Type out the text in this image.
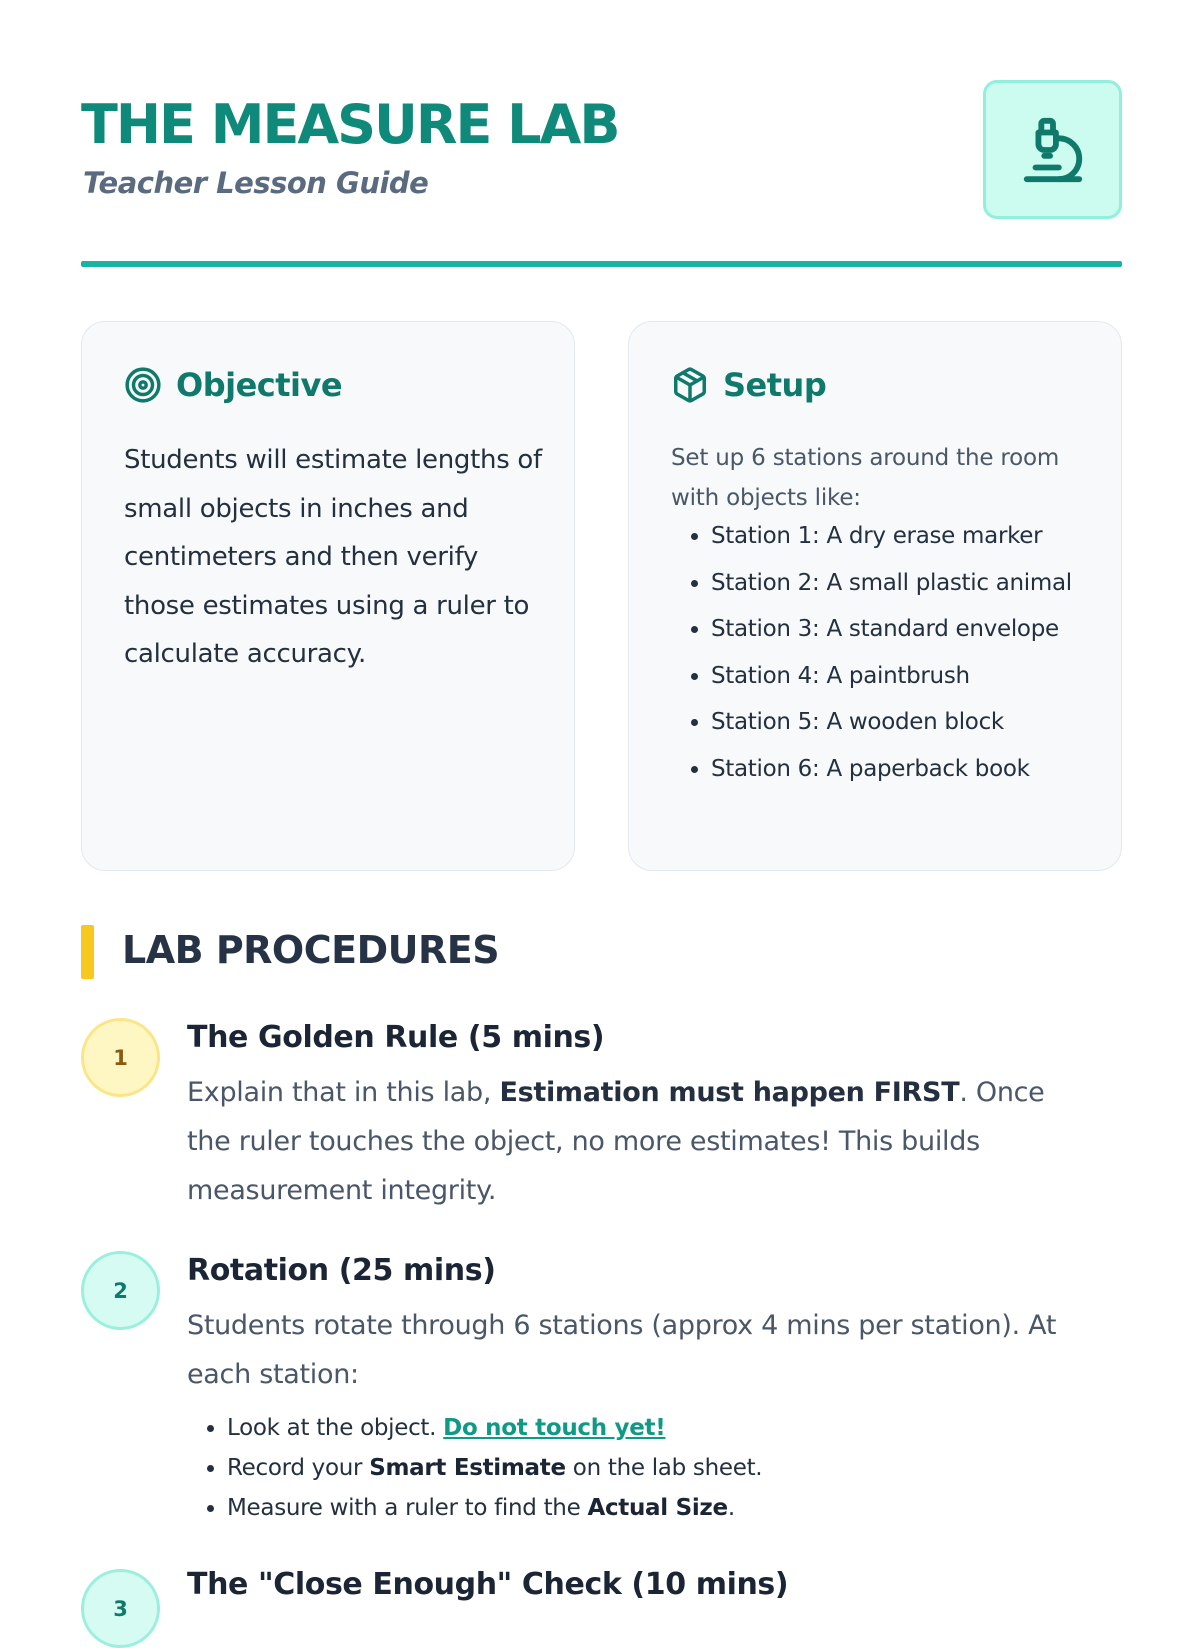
THE MEASURE LAB
Teacher Lesson Guide
Objective

Students will estimate lengths of small objects in inches and centimeters and then verify those estimates using a ruler to calculate accuracy.

Setup

Set up 6 stations around the room with objects like:

• Station 1: A dry erase marker
• Station 2: A small plastic animal
• Station 3: A standard envelope
• Station 4: A paintbrush
• Station 5: A wooden block
• Station 6: A paperback book
LAB PROCEDURES
1
The Golden Rule (5 mins)

Explain that in this lab, Estimation must happen FIRST. Once the ruler touches the object, no more estimates! This builds measurement integrity.

2
Rotation (25 mins)

Students rotate through 6 stations (approx 4 mins per station). At each station:

• Look at the object. Do not touch yet!
• Record your Smart Estimate on the lab sheet.
• Measure with a ruler to find the Actual Size.
3
The "Close Enough" Check (10 mins)
